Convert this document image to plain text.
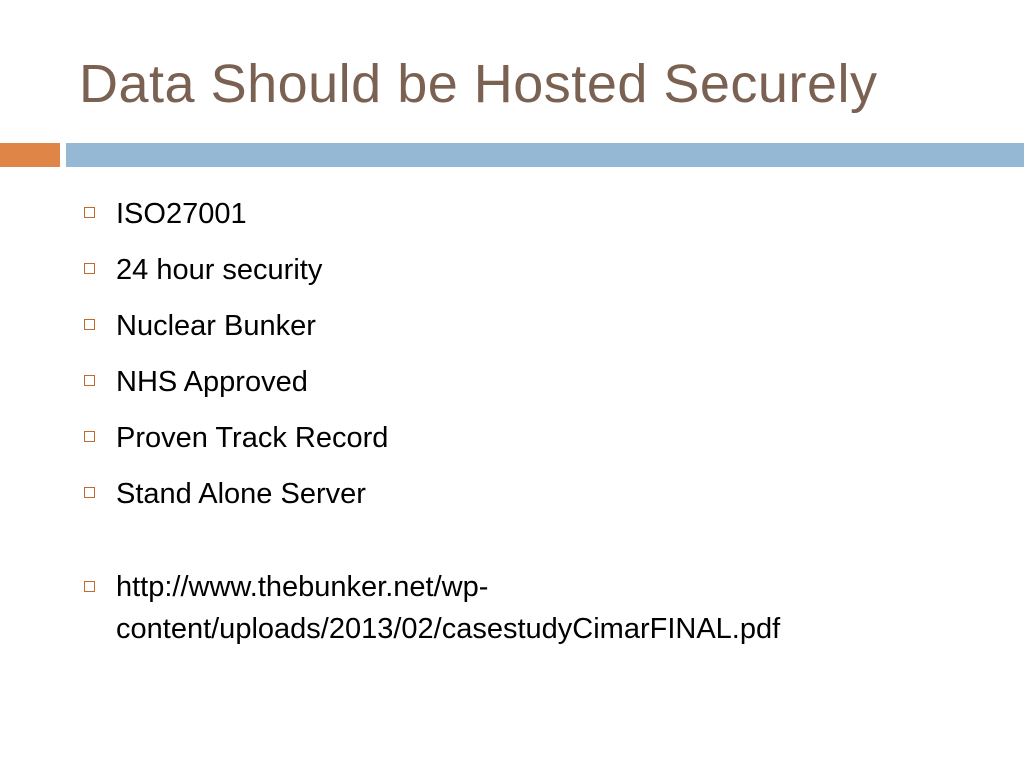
Data Should be Hosted Securely
ISO27001
24 hour security
Nuclear Bunker
NHS Approved
Proven Track Record
Stand Alone Server
http://www.thebunker.net/wp-
content/uploads/2013/02/casestudyCimarFINAL.pdf
